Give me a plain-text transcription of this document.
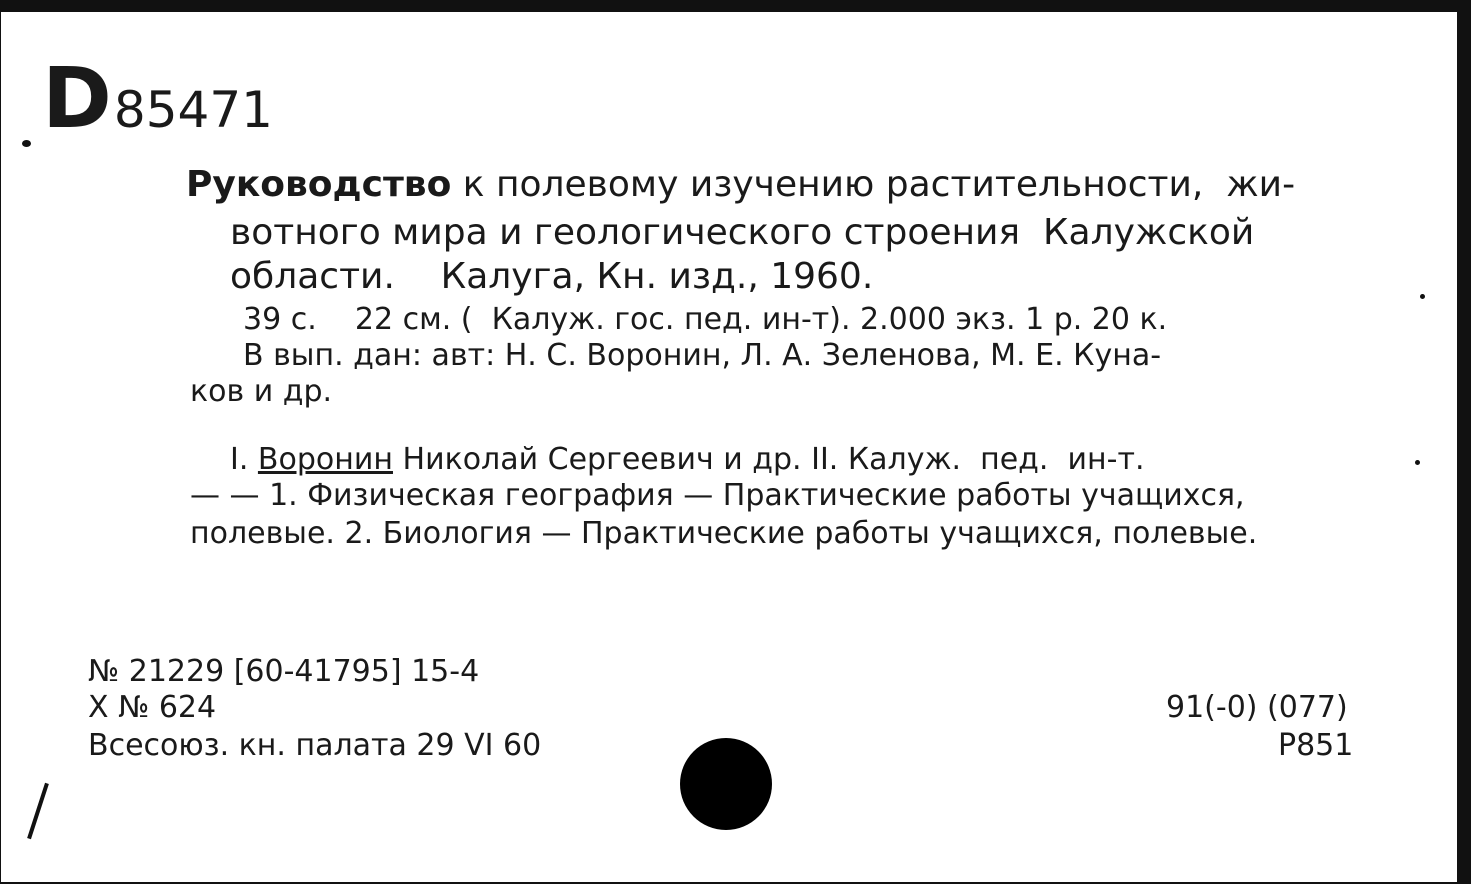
D85471

Руководство к полевому изучению растительности,  жи-
вотного мира и геологического строения  Калужской
области.    Калуга, Кн. изд., 1960.
39 с.    22 см. (  Калуж. гос. пед. ин-т). 2.000 экз. 1 р. 20 к.
В вып. дан: авт: Н. С. Воронин, Л. А. Зеленова, М. Е. Куна-
ков и др.
I. Воронин Николай Сергеевич и др. II. Калуж.  пед.  ин-т.
— — 1. Физическая география — Практические работы учащихся,
полевые. 2. Биология — Практические работы учащихся, полевые.
№ 21229 [60-41795] 15-4
Х № 624
Всесоюз. кн. палата 29 VI 60
91(-0) (077)
Р851
